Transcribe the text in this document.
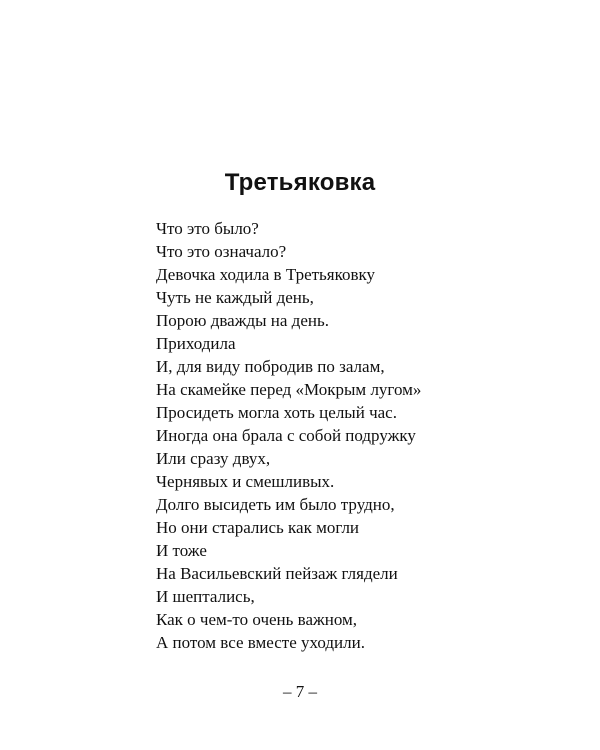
Третьяковка
Что это было?
Что это означало?
Девочка ходила в Третьяковку
Чуть не каждый день,
Порою дважды на день.
Приходила
И, для виду побродив по залам,
На скамейке перед «Мокрым лугом»
Просидеть могла хоть целый час.
Иногда она брала с собой подружку
Или сразу двух,
Чернявых и смешливых.
Долго высидеть им было трудно,
Но они старались как могли
И тоже
На Васильевский пейзаж глядели
И шептались,
Как о чем-то очень важном,
А потом все вместе уходили.
– 7 –
